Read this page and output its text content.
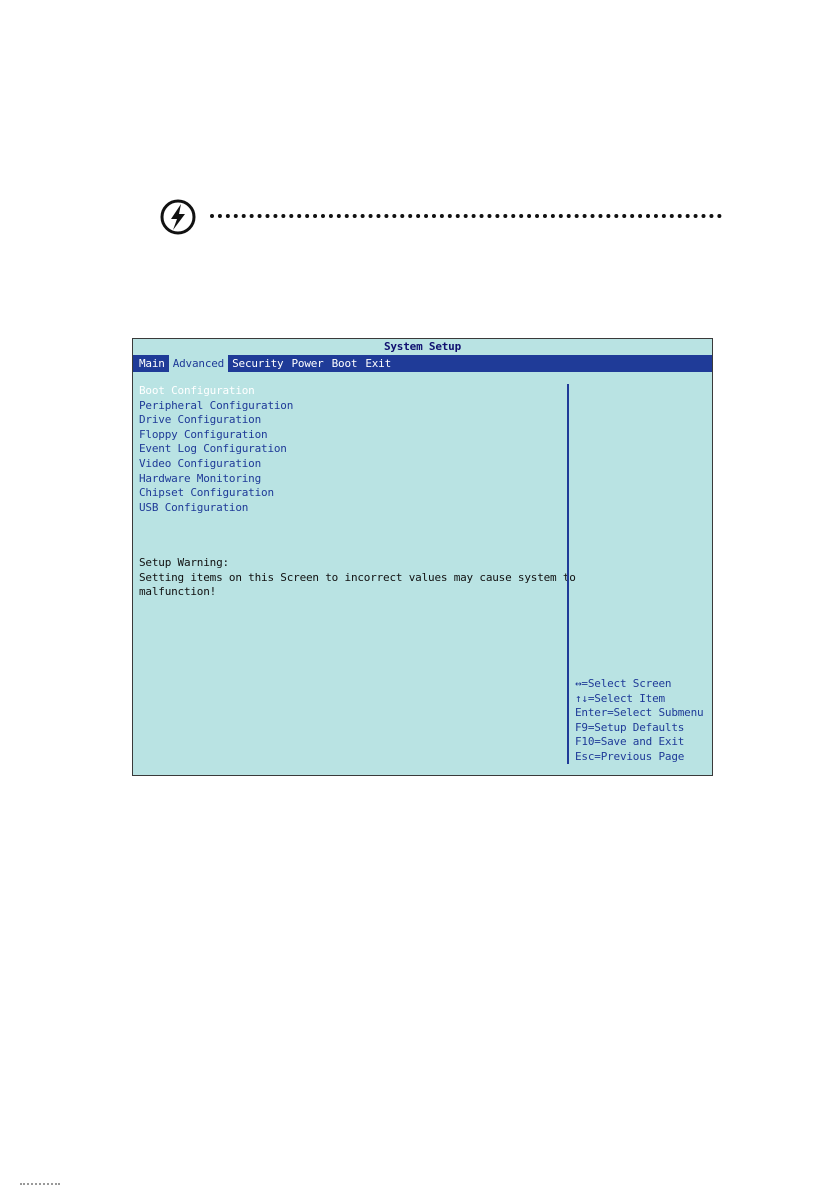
System Setup
Main Advanced Security Power Boot Exit
Boot Configuration
Peripheral Configuration
Drive Configuration
Floppy Configuration
Event Log Configuration
Video Configuration
Hardware Monitoring
Chipset Configuration
USB Configuration
Setup Warning:
Setting items on this Screen to incorrect values may cause system to
malfunction!
↔=Select Screen
↑↓=Select Item
Enter=Select Submenu
F9=Setup Defaults
F10=Save and Exit
Esc=Previous Page
